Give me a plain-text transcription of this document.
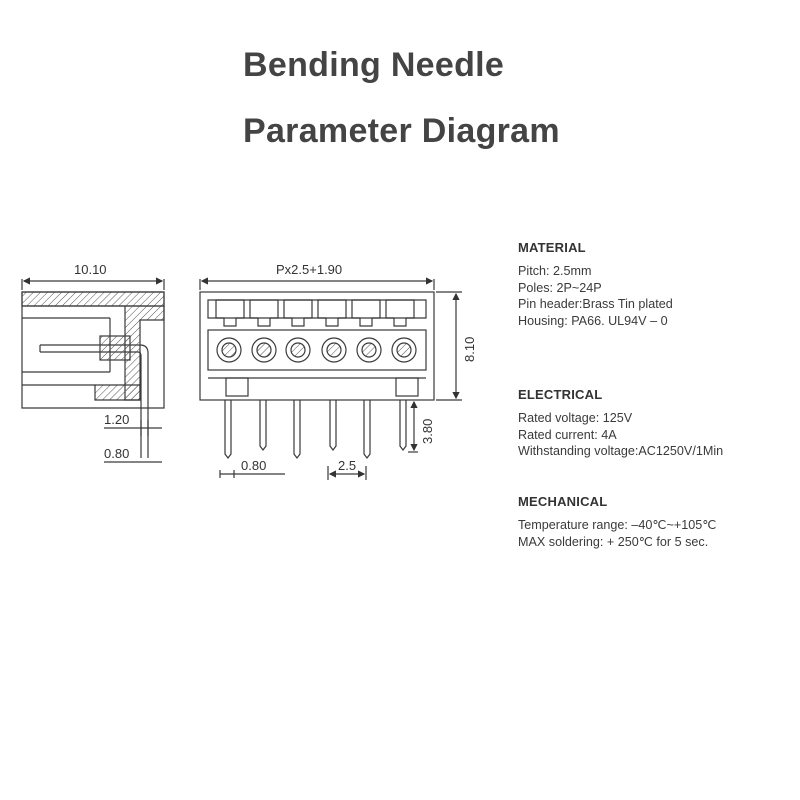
Bending Needle
Parameter Diagram
10.10
1.20
0.80
Px2.5+1.90
8.10
3.80
0.80	2.5
MATERIAL
Pitch: 2.5mm
Poles: 2P~24P
Pin header:Brass Tin plated
Housing: PA66. UL94V – 0
ELECTRICAL
Rated voltage: 125V
Rated current: 4A
Withstanding voltage:AC1250V/1Min
MECHANICAL
Temperature range: –40℃~+105℃
MAX soldering: + 250℃ for 5 sec.
